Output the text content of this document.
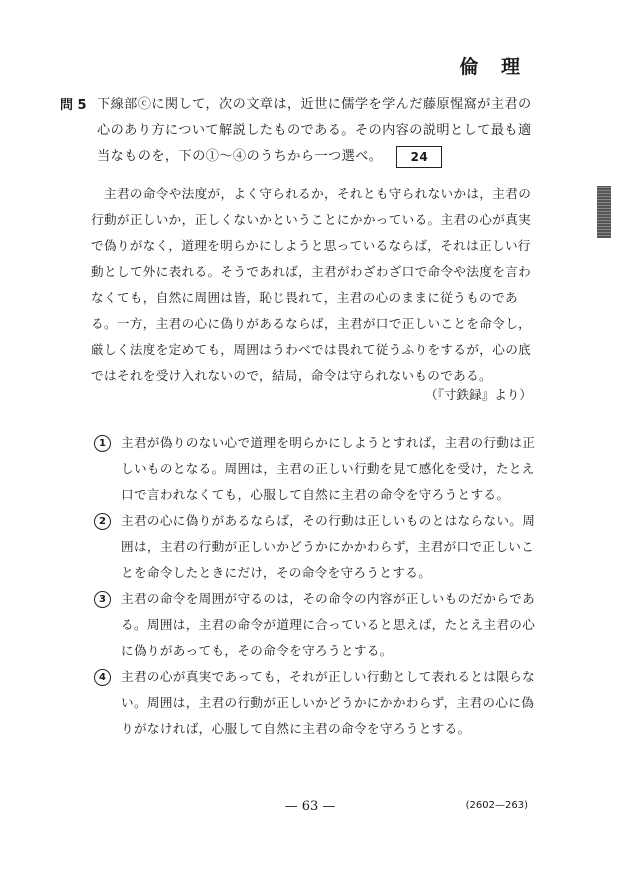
倫 理
問 5 下線部ⓒに関して，次の文章は，近世に儒学を学んだ藤原惺窩が主君の心のあり方について解説したものである。その内容の説明として最も適当なものを，下の①～④のうちから一つ選べ。 24
主君の命令や法度が，よく守られるか，それとも守られないかは，主君の行動が正しいか，正しくないかということにかかっている。主君の心が真実で偽りがなく，道理を明らかにしようと思っているならば，それは正しい行動として外に表れる。そうであれば，主君がわざわざ口で命令や法度を言わなくても，自然に周囲は皆，恥じ畏れて，主君の心のままに従うものである。一方，主君の心に偽りがあるならば，主君が口で正しいことを命令し，厳しく法度を定めても，周囲はうわべでは畏れて従うふりをするが，心の底ではそれを受け入れないので，結局，命令は守られないものである。
（『寸鉄録』より）
1	主君が偽りのない心で道理を明らかにしようとすれば，主君の行動は正しいものとなる。周囲は，主君の正しい行動を見て感化を受け，たとえ口で言われなくても，心服して自然に主君の命令を守ろうとする。
2	主君の心に偽りがあるならば，その行動は正しいものとはならない。周囲は，主君の行動が正しいかどうかにかかわらず，主君が口で正しいことを命令したときにだけ，その命令を守ろうとする。
3	主君の命令を周囲が守るのは，その命令の内容が正しいものだからである。周囲は，主君の命令が道理に合っていると思えば，たとえ主君の心に偽りがあっても，その命令を守ろうとする。
4	主君の心が真実であっても，それが正しい行動として表れるとは限らない。周囲は，主君の行動が正しいかどうかにかかわらず，主君の心に偽りがなければ，心服して自然に主君の命令を守ろうとする。
— 63 —	(2602—263)
